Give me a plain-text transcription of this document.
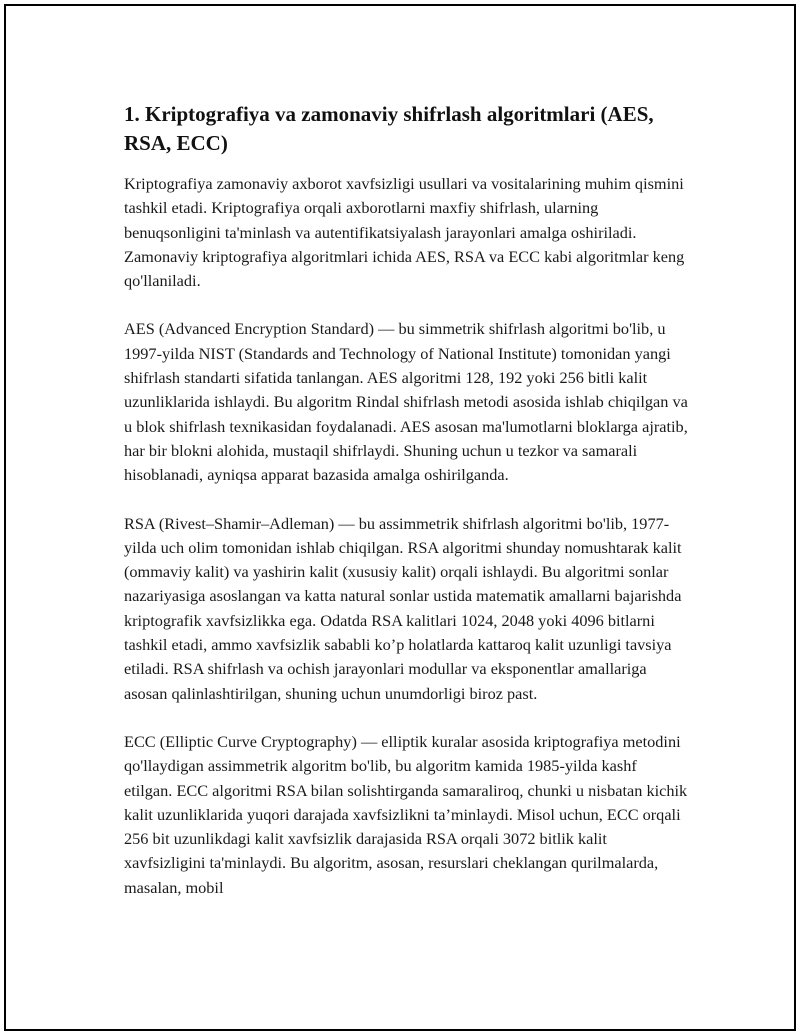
1. Kriptografiya va zamonaviy shifrlash algoritmlari (AES, RSA, ECC)

Kriptografiya zamonaviy axborot xavfsizligi usullari va vositalarining muhim qismini tashkil etadi. Kriptografiya orqali axborotlarni maxfiy shifrlash, ularning benuqsonligini ta'minlash va autentifikatsiyalash jarayonlari amalga oshiriladi. Zamonaviy kriptografiya algoritmlari ichida AES, RSA va ECC kabi algoritmlar keng qo'llaniladi.

AES (Advanced Encryption Standard) — bu simmetrik shifrlash algoritmi bo'lib, u 1997-yilda NIST (Standards and Technology of National Institute) tomonidan yangi shifrlash standarti sifatida tanlangan. AES algoritmi 128, 192 yoki 256 bitli kalit uzunliklarida ishlaydi. Bu algoritm Rindal shifrlash metodi asosida ishlab chiqilgan va u blok shifrlash texnikasidan foydalanadi. AES asosan ma'lumotlarni bloklarga ajratib, har bir blokni alohida, mustaqil shifrlaydi. Shuning uchun u tezkor va samarali hisoblanadi, ayniqsa apparat bazasida amalga oshirilganda.

RSA (Rivest–Shamir–Adleman) — bu assimmetrik shifrlash algoritmi bo'lib, 1977-yilda uch olim tomonidan ishlab chiqilgan. RSA algoritmi shunday nomushtarak kalit (ommaviy kalit) va yashirin kalit (xususiy kalit) orqali ishlaydi. Bu algoritmi sonlar nazariyasiga asoslangan va katta natural sonlar ustida matematik amallarni bajarishda kriptografik xavfsizlikka ega. Odatda RSA kalitlari 1024, 2048 yoki 4096 bitlarni tashkil etadi, ammo xavfsizlik sababli ko’p holatlarda kattaroq kalit uzunligi tavsiya etiladi. RSA shifrlash va ochish jarayonlari modullar va eksponentlar amallariga asosan qalinlashtirilgan, shuning uchun unumdorligi biroz past.

ECC (Elliptic Curve Cryptography) — elliptik kuralar asosida kriptografiya metodini qo'llaydigan assimmetrik algoritm bo'lib, bu algoritm kamida 1985-yilda kashf etilgan. ECC algoritmi RSA bilan solishtirganda samaraliroq, chunki u nisbatan kichik kalit uzunliklarida yuqori darajada xavfsizlikni ta’minlaydi. Misol uchun, ECC orqali 256 bit uzunlikdagi kalit xavfsizlik darajasida RSA orqali 3072 bitlik kalit xavfsizligini ta'minlaydi. Bu algoritm, asosan, resurslari cheklangan qurilmalarda, masalan, mobil
